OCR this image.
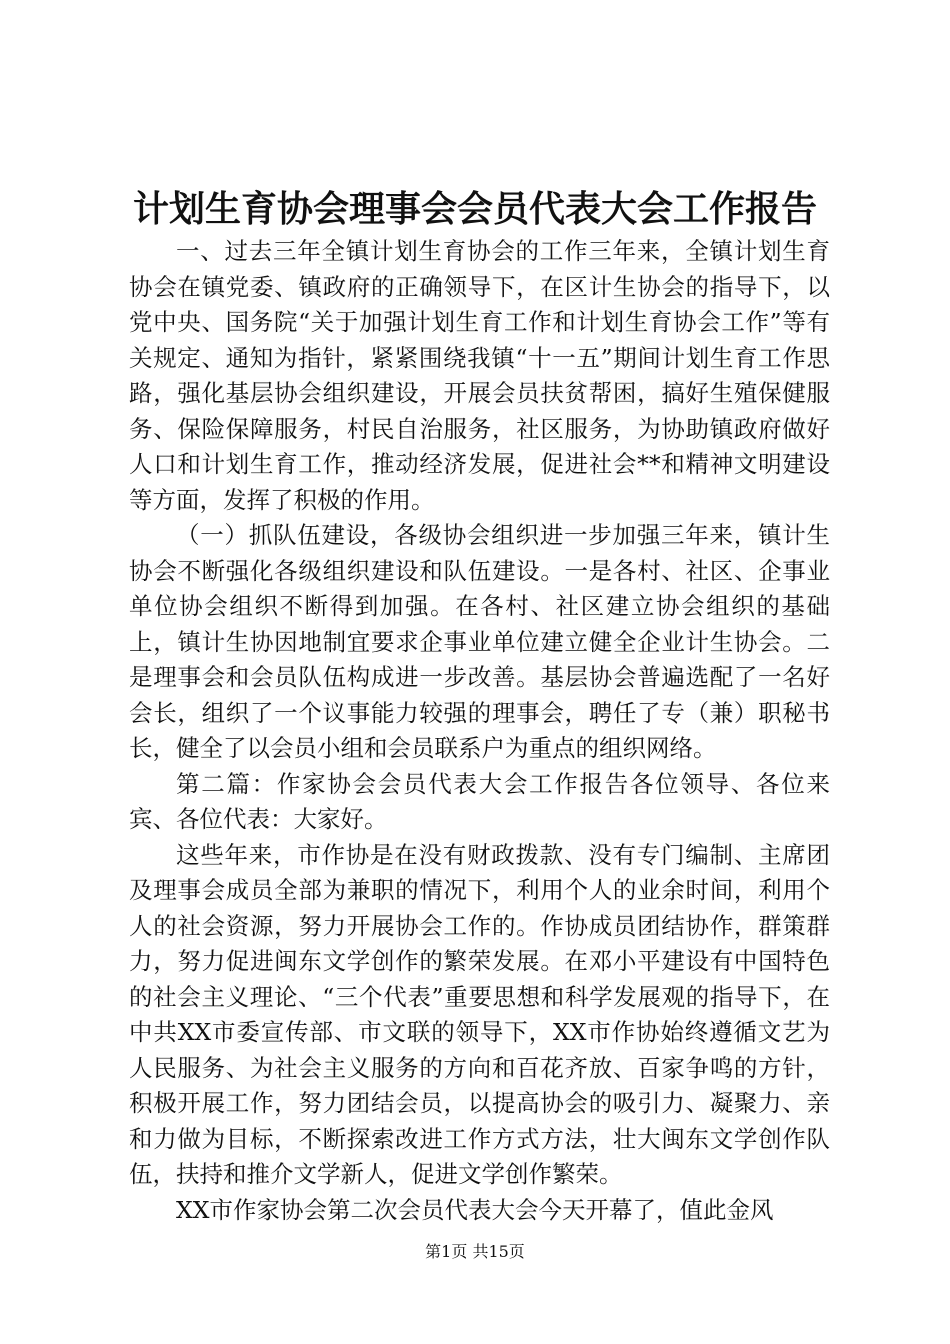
计划生育协会理事会会员代表大会工作报告

一、过去三年全镇计划生育协会的工作三年来，全镇计划生育协会在镇党委、镇政府的正确领导下，在区计生协会的指导下，以党中央、国务院“关于加强计划生育工作和计划生育协会工作”等有关规定、通知为指针，紧紧围绕我镇“十一五”期间计划生育工作思路，强化基层协会组织建设，开展会员扶贫帮困，搞好生殖保健服务、保险保障服务，村民自治服务，社区服务，为协助镇政府做好人口和计划生育工作，推动经济发展，促进社会**和精神文明建设等方面，发挥了积极的作用。

（一）抓队伍建设，各级协会组织进一步加强三年来，镇计生协会不断强化各级组织建设和队伍建设。一是各村、社区、企事业单位协会组织不断得到加强。在各村、社区建立协会组织的基础上，镇计生协因地制宜要求企事业单位建立健全企业计生协会。二是理事会和会员队伍构成进一步改善。基层协会普遍选配了一名好会长，组织了一个议事能力较强的理事会，聘任了专（兼）职秘书长，健全了以会员小组和会员联系户为重点的组织网络。

第二篇：作家协会会员代表大会工作报告各位领导、各位来宾、各位代表：大家好。

这些年来，市作协是在没有财政拨款、没有专门编制、主席团及理事会成员全部为兼职的情况下，利用个人的业余时间，利用个人的社会资源，努力开展协会工作的。作协成员团结协作，群策群力，努力促进闽东文学创作的繁荣发展。在邓小平建设有中国特色的社会主义理论、“三个代表”重要思想和科学发展观的指导下，在中共XX市委宣传部、市文联的领导下，XX市作协始终遵循文艺为人民服务、为社会主义服务的方向和百花齐放、百家争鸣的方针，积极开展工作，努力团结会员，以提高协会的吸引力、凝聚力、亲和力做为目标，不断探索改进工作方式方法，壮大闽东文学创作队伍，扶持和推介文学新人，促进文学创作繁荣。

XX市作家协会第二次会员代表大会今天开幕了，值此金风

第1页 共15页
